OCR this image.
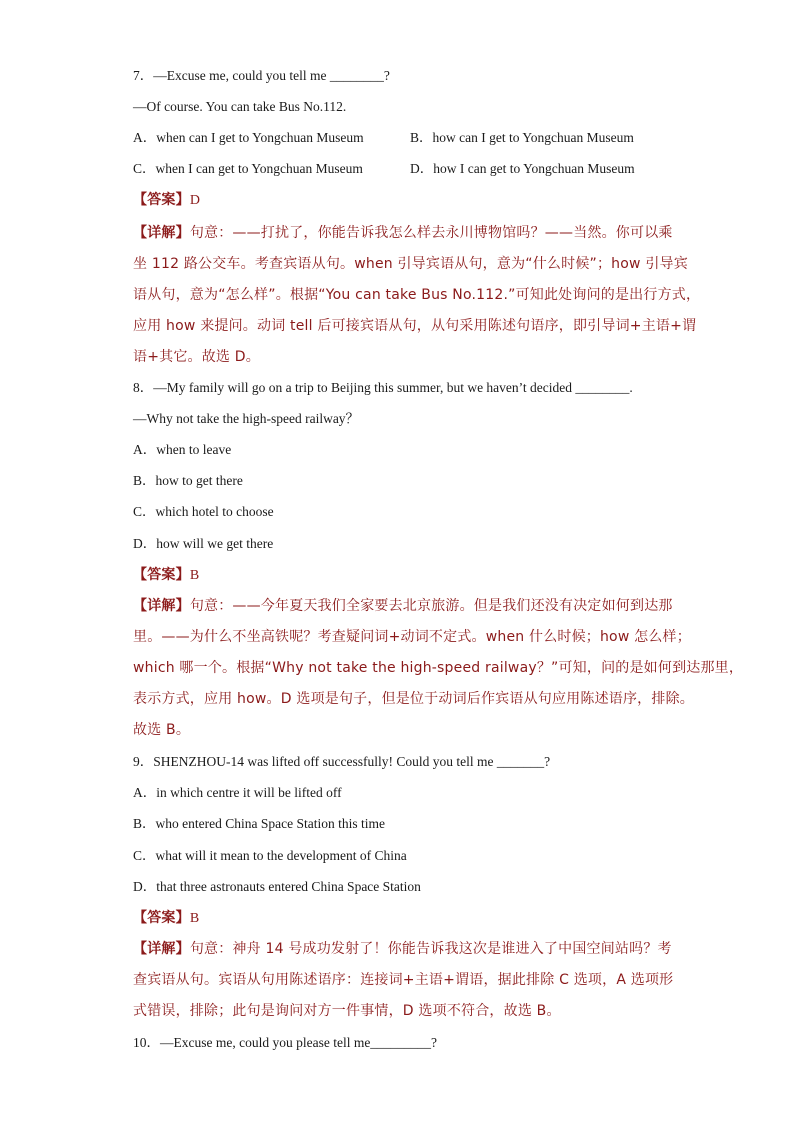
7．—Excuse me, could you tell me ________?
—Of course. You can take Bus No.112.
A．when can I get to Yongchuan Museum	B．how can I get to Yongchuan Museum
C．when I can get to Yongchuan Museum	D．how I can get to Yongchuan Museum
【答案】D
【详解】句意：——打扰了，你能告诉我怎么样去永川博物馆吗？——当然。你可以乘
坐 112 路公交车。考查宾语从句。when 引导宾语从句，意为“什么时候”；how 引导宾
语从句，意为“怎么样”。根据“You can take Bus No.112.”可知此处询问的是出行方式，
应用 how 来提问。动词 tell 后可接宾语从句，从句采用陈述句语序，即引导词+主语+谓
语+其它。故选 D。
8．—My family will go on a trip to Beijing this summer, but we haven’t decided ________.
—Why not take the high-speed railway？
A．when to leave
B．how to get there
C．which hotel to choose
D．how will we get there
【答案】B
【详解】句意：——今年夏天我们全家要去北京旅游。但是我们还没有决定如何到达那
里。——为什么不坐高铁呢？考查疑问词+动词不定式。when 什么时候；how 怎么样；
which 哪一个。根据“Why not take the high-speed railway？”可知，问的是如何到达那里，
表示方式，应用 how。D 选项是句子，但是位于动词后作宾语从句应用陈述语序，排除。
故选 B。
9．SHENZHOU-14 was lifted off successfully! Could you tell me _______?
A．in which centre it will be lifted off
B．who entered China Space Station this time
C．what will it mean to the development of China
D．that three astronauts entered China Space Station
【答案】B
【详解】句意：神舟 14 号成功发射了！你能告诉我这次是谁进入了中国空间站吗？考
查宾语从句。宾语从句用陈述语序：连接词+主语+谓语，据此排除 C 选项，A 选项形
式错误，排除；此句是询问对方一件事情，D 选项不符合，故选 B。
10．—Excuse me, could you please tell me_________?
